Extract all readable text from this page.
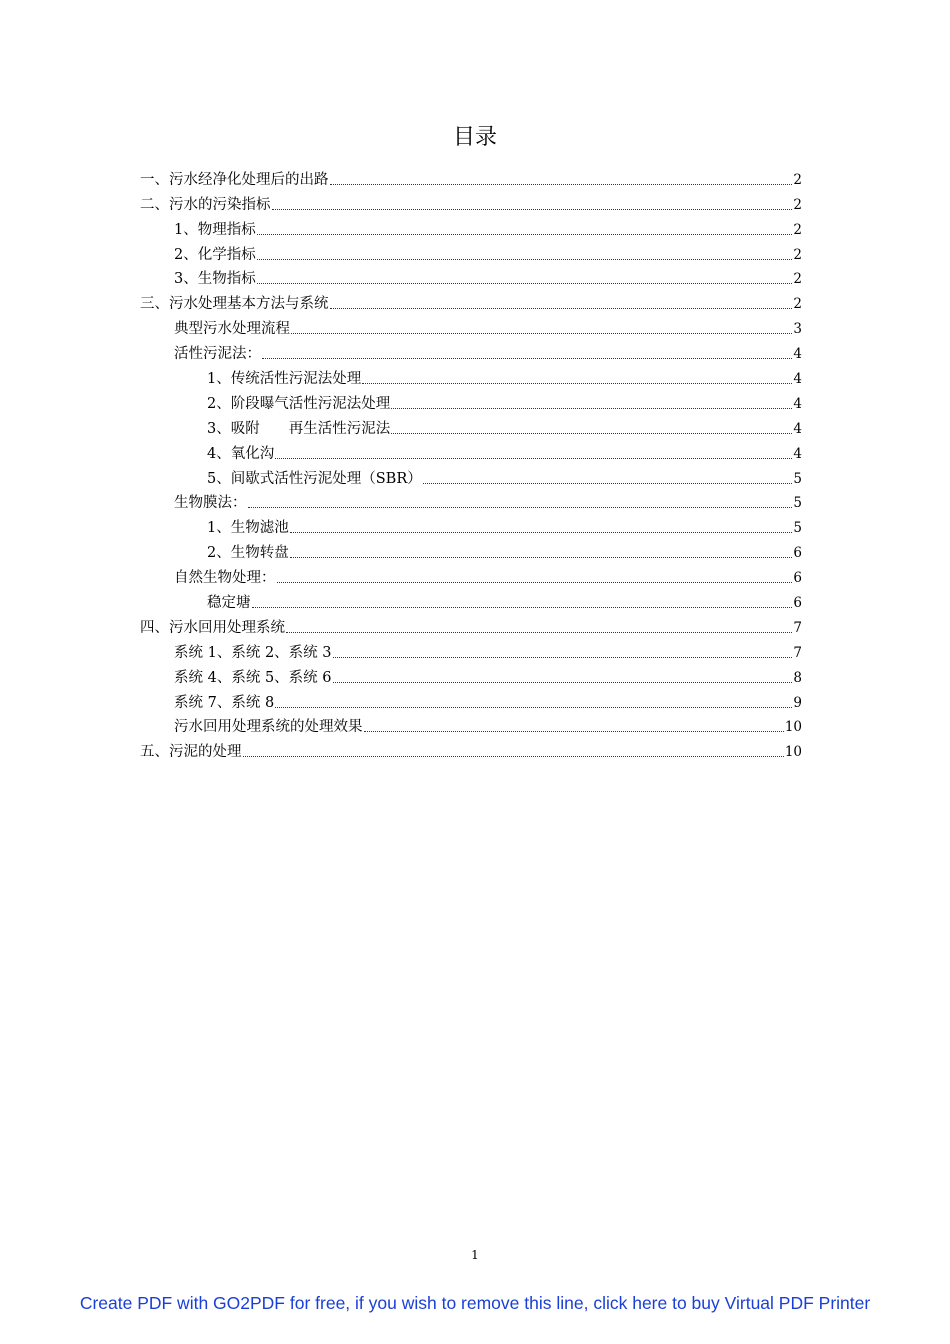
目录
一、污水经净化处理后的出路	2
二、污水的污染指标	2
1、物理指标	2
2、化学指标	2
3、生物指标	2
三、污水处理基本方法与系统	2
典型污水处理流程	3
活性污泥法：	4
1、传统活性污泥法处理	4
2、阶段曝气活性污泥法处理	4
3、吸附　　再生活性污泥法	4
4、氧化沟	4
5、间歇式活性污泥处理（SBR）	5
生物膜法：	5
1、生物滤池	5
2、生物转盘	6
自然生物处理：	6
稳定塘	6
四、污水回用处理系统	7
系统 1、系统 2、系统 3	7
系统 4、系统 5、系统 6	8
系统 7、系统 8	9
污水回用处理系统的处理效果	10
五、污泥的处理	10
1
Create PDF with GO2PDF for free, if you wish to remove this line, click here to buy Virtual PDF Printer
